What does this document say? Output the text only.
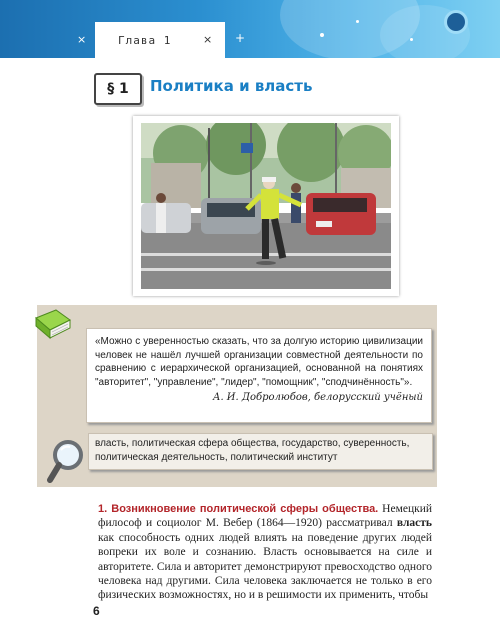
×	Глава 1	× +
§ 1 Политика и власть
«Можно с уверенностью сказать, что за долгую историю цивилизации человек не нашёл лучшей организации совместной деятельности по сравнению с иерархической организацией, основанной на понятиях "авторитет", "управление", "лидер", "помощник", "сподчинённость"».
А. И. Добролюбов, белорусский учёный
власть, политическая сфера общества, государство, суверенность, политическая деятельность, политический институт
1. Возникновение политической сферы общества. Немецкий философ и социолог М. Вебер (1864—1920) рассматривал власть как способность одних людей влиять на поведение других людей вопреки их воле и сознанию. Власть основывается на силе и авторитете. Сила и авторитет демонстрируют превосходство одного человека над другими. Сила человека заключается не только в его физических возможностях, но и в решимости их применить, чтобы
6
